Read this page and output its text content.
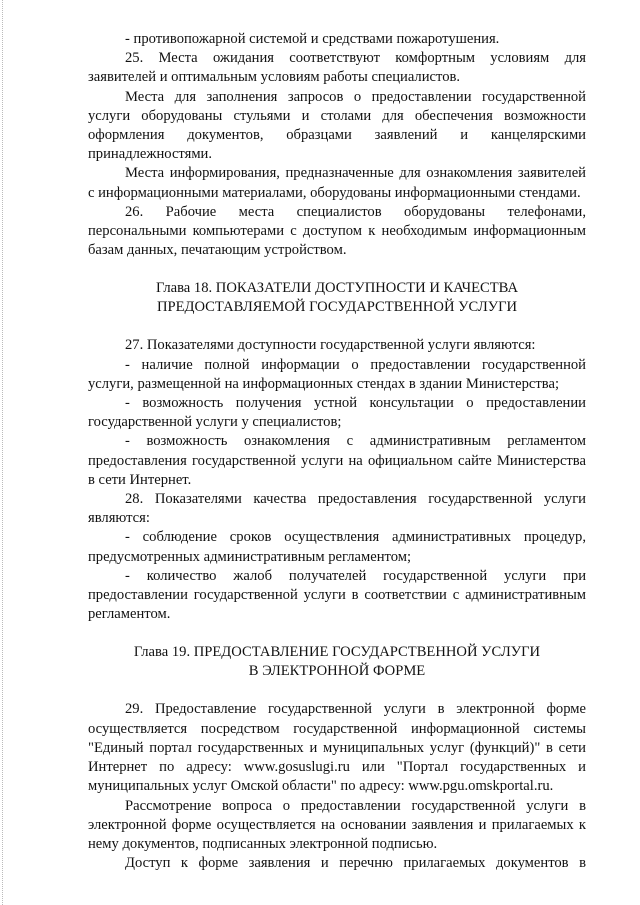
- противопожарной системой и средствами пожаротушения.

25. Места ожидания соответствуют комфортным условиям для заявителей и оптимальным условиям работы специалистов.

Места для заполнения запросов о предоставлении государственной услуги оборудованы стульями и столами для обеспечения возможности оформления документов, образцами заявлений и канцелярскими принадлежностями.

Места информирования, предназначенные для ознакомления заявителей с информационными материалами, оборудованы информационными стендами.

26. Рабочие места специалистов оборудованы телефонами, персональными компьютерами с доступом к необходимым информационным базам данных, печатающим устройством.

Глава 18. ПОКАЗАТЕЛИ ДОСТУПНОСТИ И КАЧЕСТВА
ПРЕДОСТАВЛЯЕМОЙ ГОСУДАРСТВЕННОЙ УСЛУГИ

27. Показателями доступности государственной услуги являются:

- наличие полной информации о предоставлении государственной услуги, размещенной на информационных стендах в здании Министерства;

- возможность получения устной консультации о предоставлении государственной услуги у специалистов;

- возможность ознакомления с административным регламентом предоставления государственной услуги на официальном сайте Министерства в сети Интернет.

28. Показателями качества предоставления государственной услуги являются:

- соблюдение сроков осуществления административных процедур, предусмотренных административным регламентом;

- количество жалоб получателей государственной услуги при предоставлении государственной услуги в соответствии с административным регламентом.

Глава 19. ПРЕДОСТАВЛЕНИЕ ГОСУДАРСТВЕННОЙ УСЛУГИ
В ЭЛЕКТРОННОЙ ФОРМЕ

29. Предоставление государственной услуги в электронной форме осуществляется посредством государственной информационной системы "Единый портал государственных и муниципальных услуг (функций)" в сети Интернет по адресу: www.gosuslugi.ru или "Портал государственных и муниципальных услуг Омской области" по адресу: www.pgu.omskportal.ru.

Рассмотрение вопроса о предоставлении государственной услуги в электронной форме осуществляется на основании заявления и прилагаемых к нему документов, подписанных электронной подписью.

Доступ к форме заявления и перечню прилагаемых документов в
